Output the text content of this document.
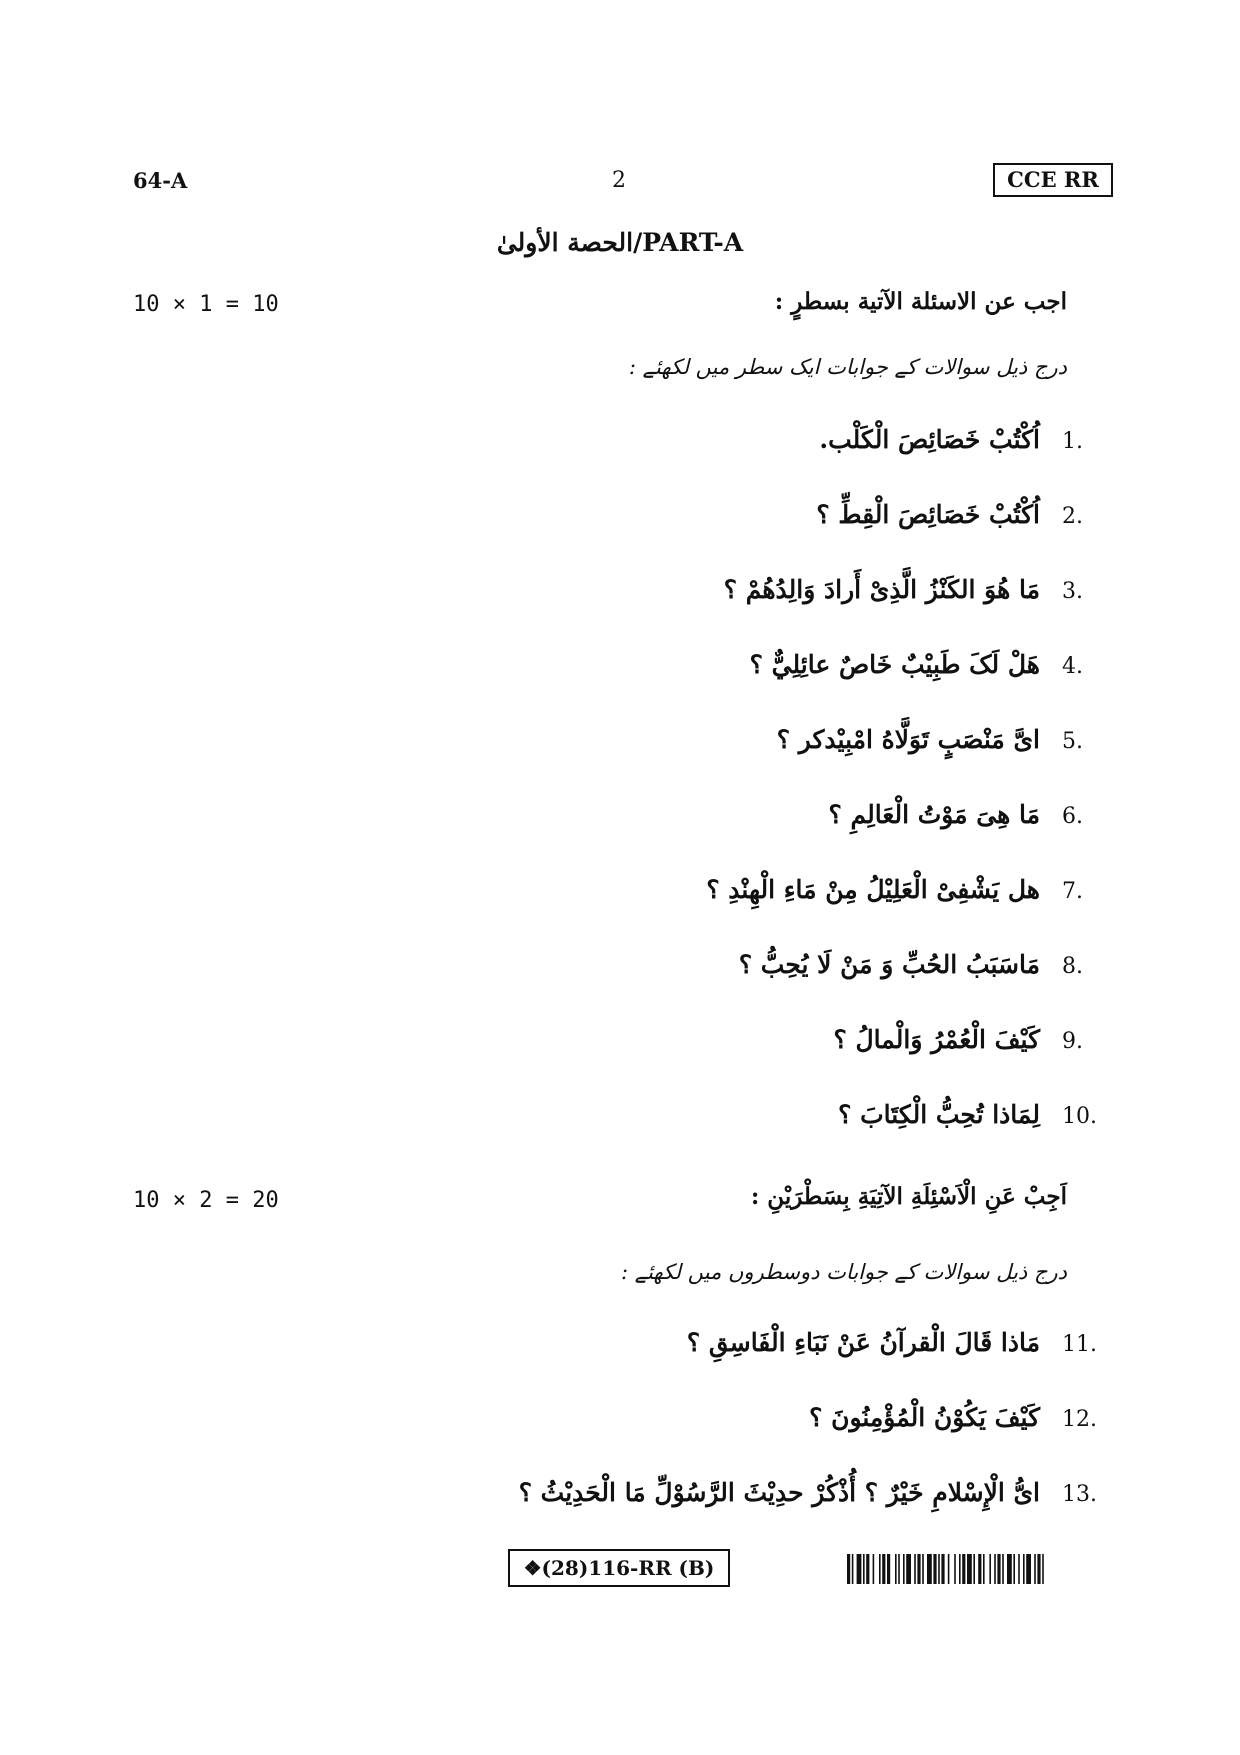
64-A	2	CCE RR
الحصة الأولىٰ/PART-A
10 × 1 = 10	اجب عن الاسئلة الآتية بسطرٍ :
درج ذیل سوالات کے جوابات ایک سطر میں لکھئے :
1.
اُكْتُبْ خَصَائِصَ الْكَلْب.
2.
اُكْتُبْ خَصَائِصَ الْقِطِّ ؟
3.
مَا هُوَ الكَنْزُ الَّذِىْ أَرادَ وَالِدُهُمْ ؟
4.
هَلْ لَکَ طَبِيْبٌ خَاصٌ عائِلِيٌّ ؟
5.
اىَّ مَنْصَبٍ تَوَلَّاهُ امْبِيْدكر ؟
6.
مَا هِىَ مَوْتُ الْعَالِمِ ؟
7.
هل يَشْفِىْ الْعَلِيْلُ مِنْ مَاءِ الْهِنْدِ ؟
8.
مَاسَبَبُ الحُبِّ وَ مَنْ لَا يُحِبُّ ؟
9.
كَيْفَ الْعُمْرُ وَالْمالُ ؟
10.
لِمَاذا تُحِبُّ الْكِتَابَ ؟
10 × 2 = 20	اَجِبْ عَنِ الْاَسْئِلَةِ الآتِيَةِ بِسَطْرَيْنِ :
درج ذیل سوالات کے جوابات دوسطروں میں لکھئے :
11.
مَاذا قَالَ الْقرآنُ عَنْ نَبَاءِ الْفَاسِقِ ؟
12.
كَيْفَ يَكُوْنُ الْمُؤْمِنُونَ ؟
13.
اىُّ الْإِسْلامِ خَيْرٌ ؟ أُذْكُرْ حدِيْثَ الرَّسُوْلِّ مَا الْحَدِيْثُ ؟
❖(28)116-RR (B)
